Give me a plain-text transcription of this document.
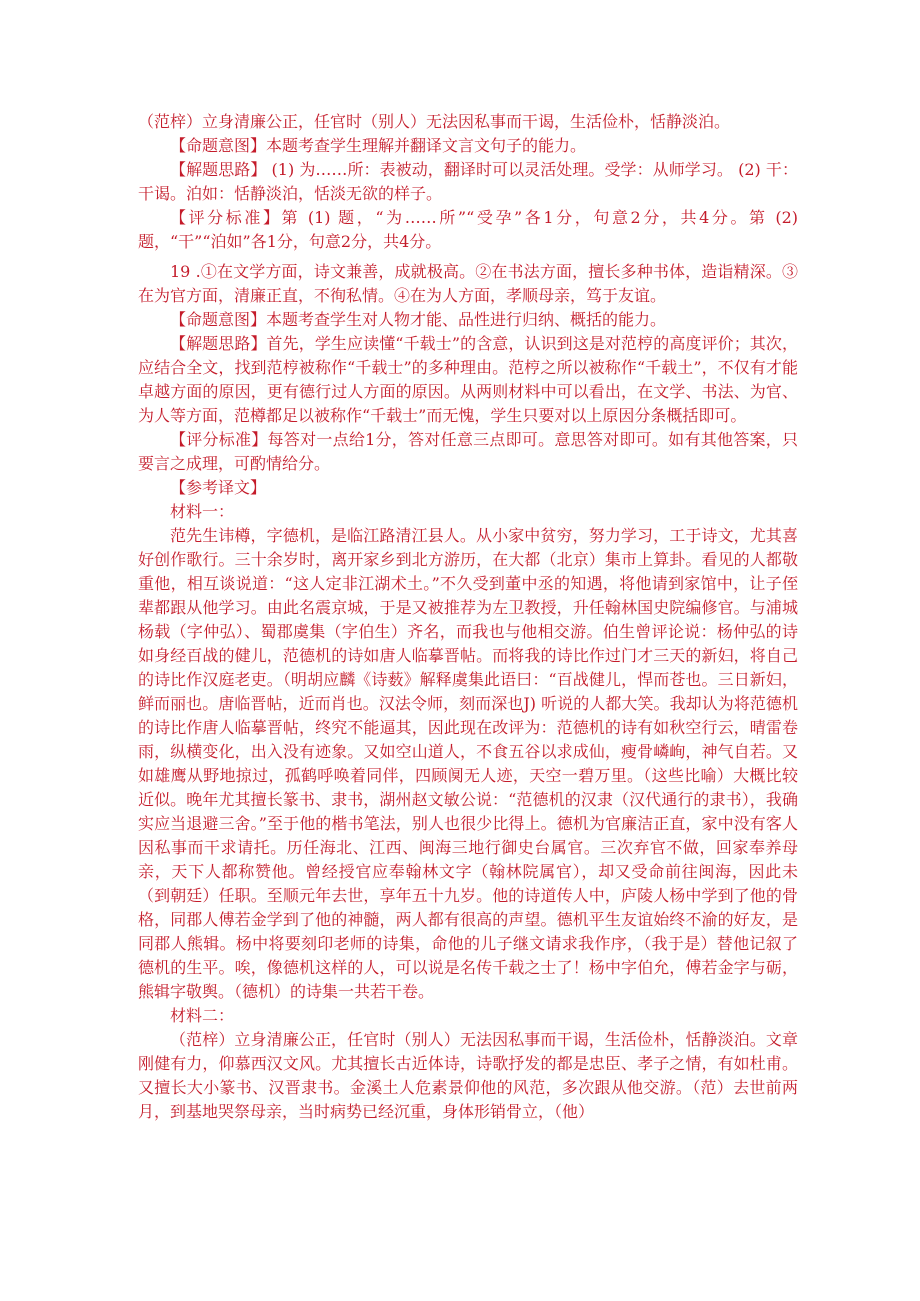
（范梓）立身清廉公正，任官时（别人）无法因私事而干谒，生活俭朴，恬静淡泊。

【命题意图】本题考查学生理解并翻译文言文句子的能力。

【解题思路】 (1) 为……所：表被动，翻译时可以灵活处理。受学：从师学习。 (2) 干：干谒。泊如：恬静淡泊，恬淡无欲的样子。

【评分标准】第 (1) 题，“为……所”“受孕”各1分，句意2分，共4分。第 (2) 题，“干”“泊如”各1分，句意2分，共4分。

19 .①在文学方面，诗文兼善，成就极高。②在书法方面，擅长多种书体，造诣精深。③在为官方面，清廉正直，不徇私情。④在为人方面，孝顺母亲，笃于友谊。

【命题意图】本题考查学生对人物才能、品性进行归纳、概括的能力。

【解题思路】首先，学生应读懂“千载士”的含意，认识到这是对范梈的高度评价；其次，应结合全文，找到范梈被称作“千载士”的多种理由。范梈之所以被称作“千载土”，不仅有才能卓越方面的原因，更有德行过人方面的原因。从两则材料中可以看出，在文学、书法、为官、为人等方面，范樽都足以被称作“千载士”而无愧，学生只要对以上原因分条概括即可。

【评分标准】每答对一点给1分，答对任意三点即可。意思答对即可。如有其他答案，只要言之成理，可酌情给分。

【参考译文】

材料一：

范先生讳樽，字德机，是临江路清江县人。从小家中贫穷，努力学习，工于诗文，尤其喜好创作歌行。三十余岁时，离开家乡到北方游历，在大都（北京）集市上算卦。看见的人都敬重他，相互谈说道：“这人定非江湖术土。”不久受到董中丞的知遇，将他请到家馆中，让子侄辈都跟从他学习。由此名震京城，于是又被推荐为左卫教授，升任翰林国史院编修官。与浦城杨载（字仲弘）、蜀郡虞集（字伯生）齐名，而我也与他相交游。伯生曾评论说：杨仲弘的诗如身经百战的健儿，范德机的诗如唐人临摹晋帖。而将我的诗比作过门才三天的新妇，将自己的诗比作汉庭老吏。（明胡应麟《诗薮》解释虞集此语曰：“百战健儿，悍而苍也。三日新妇，鲜而丽也。唐临晋帖，近而肖也。汉法令师，刻而深也J) 听说的人都大笑。我却认为将范德机的诗比作唐人临摹晋帖，终究不能逼其，因此现在改评为：范德机的诗有如秋空行云，晴雷卷雨，纵横变化，出入没有迹象。又如空山道人，不食五谷以求成仙，瘦骨嶙峋，神气自若。又如雄鹰从野地掠过，孤鹤呼唤着同伴，四顾阒无人迹，天空一碧万里。（这些比喻）大概比较近似。晚年尤其擅长篆书、隶书，湖州赵文敏公说：“范德机的汉隶（汉代通行的隶书），我确实应当退避三舍。”至于他的楷书笔法，别人也很少比得上。德机为官廉洁正直，家中没有客人因私事而干求请托。历任海北、江西、闽海三地行御史台属官。三次弃官不做，回家奉养母亲，天下人都称赞他。曾经授官应奉翰林文字（翰林院属官），却又受命前往闽海，因此未（到朝廷）任职。至顺元年去世，享年五十九岁。他的诗道传人中，庐陵人杨中学到了他的骨格，同郡人傅若金学到了他的神髓，两人都有很高的声望。德机平生友谊始终不渝的好友，是同郡人熊辑。杨中将要刻印老师的诗集，命他的儿子继文请求我作序，（我于是）替他记叙了德机的生平。唉，像德机这样的人，可以说是名传千载之士了！杨中字伯允，傅若金字与砺，熊辑字敬舆。（德机）的诗集一共若干卷。

材料二：

（范梓）立身清廉公正，任官时（别人）无法因私事而干谒，生活俭朴，恬静淡泊。文章刚健有力，仰慕西汉文风。尤其擅长古近体诗，诗歌抒发的都是忠臣、孝子之情，有如杜甫。又擅长大小篆书、汉晋隶书。金溪土人危素景仰他的风范，多次跟从他交游。（范）去世前两月，到基地哭祭母亲，当时病势已经沉重，身体形销骨立，（他）
